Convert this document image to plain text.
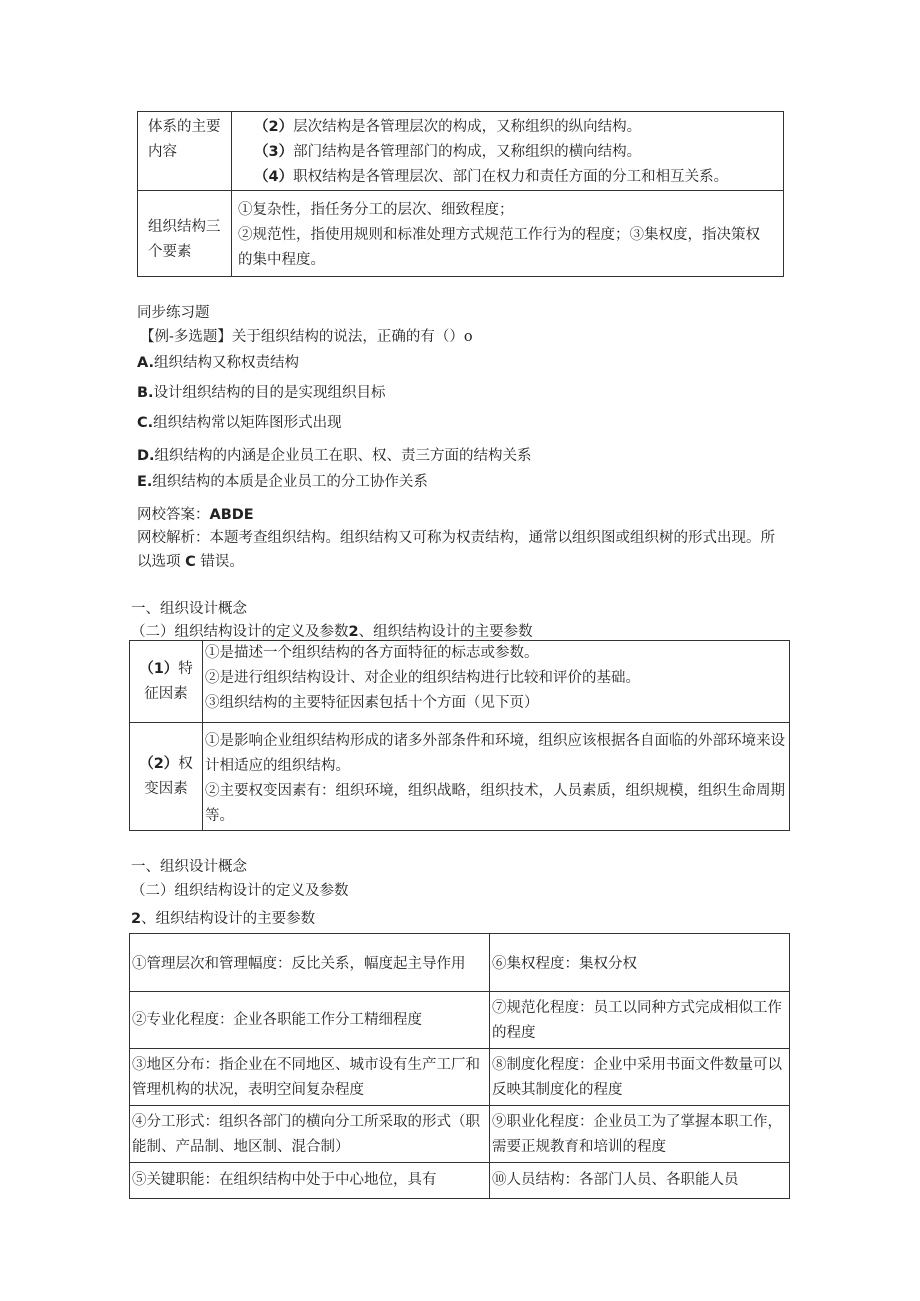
体系的主要内容	（2）层次结构是各管理层次的构成，又称组织的纵向结构。
（3）部门结构是各管理部门的构成，又称组织的横向结构。
（4）职权结构是各管理层次、部门在权力和责任方面的分工和相互关系。

组织结构三个要素	①复杂性，指任务分工的层次、细致程度；
②规范性，指使用规则和标准处理方式规范工作行为的程度；③集权度，指决策权的集中程度。
同步练习题
【例-多选题】关于组织结构的说法，正确的有（）o
A.组织结构又称权责结构
B.设计组织结构的目的是实现组织目标
C.组织结构常以矩阵图形式出现
D.组织结构的内涵是企业员工在职、权、责三方面的结构关系
E.组织结构的本质是企业员工的分工协作关系
网校答案：ABDE
网校解析：本题考查组织结构。组织结构又可称为权责结构，通常以组织图或组织树的形式出现。所以选项 C 错误。
一、组织设计概念
（二）组织结构设计的定义及参数2、组织结构设计的主要参数
（1）特征因素	①是描述一个组织结构的各方面特征的标志或参数。
②是进行组织结构设计、对企业的组织结构进行比较和评价的基础。
③组织结构的主要特征因素包括十个方面（见下页）

（2）权变因素	①是影响企业组织结构形成的诸多外部条件和环境，组织应该根据各自面临的外部环境来设计相适应的组织结构。
②主要权变因素有：组织环境，组织战略，组织技术，人员素质，组织规模，组织生命周期等。
一、组织设计概念
（二）组织结构设计的定义及参数
2、组织结构设计的主要参数
①管理层次和管理幅度：反比关系，幅度起主导作用	⑥集权程度：集权分权

②专业化程度：企业各职能工作分工精细程度	⑦规范化程度：员工以同种方式完成相似工作的程度

③地区分布：指企业在不同地区、城市设有生产工厂和管理机构的状况，表明空间复杂程度	⑧制度化程度：企业中采用书面文件数量可以反映其制度化的程度

④分工形式：组织各部门的横向分工所采取的形式（职能制、产品制、地区制、混合制）	⑨职业化程度：企业员工为了掌握本职工作，需要正规教育和培训的程度

⑤关键职能：在组织结构中处于中心地位，具有	⑩人员结构：各部门人员、各职能人员
